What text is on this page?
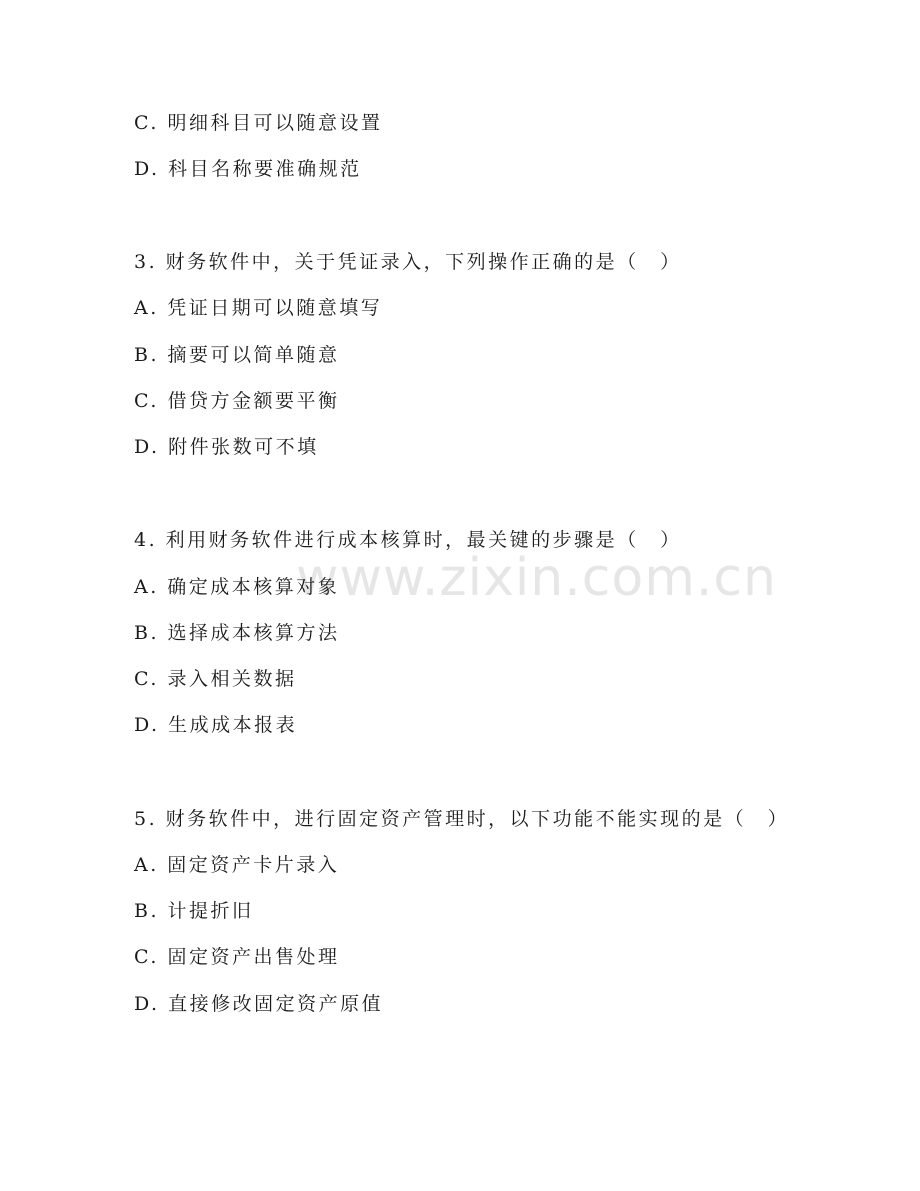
www.zixin.com.cn
C. 明细科目可以随意设置
D. 科目名称要准确规范
3. 财务软件中，关于凭证录入，下列操作正确的是（　）
A. 凭证日期可以随意填写
B. 摘要可以简单随意
C. 借贷方金额要平衡
D. 附件张数可不填
4. 利用财务软件进行成本核算时，最关键的步骤是（　）
A. 确定成本核算对象
B. 选择成本核算方法
C. 录入相关数据
D. 生成成本报表
5. 财务软件中，进行固定资产管理时，以下功能不能实现的是（　）
A. 固定资产卡片录入
B. 计提折旧
C. 固定资产出售处理
D. 直接修改固定资产原值
